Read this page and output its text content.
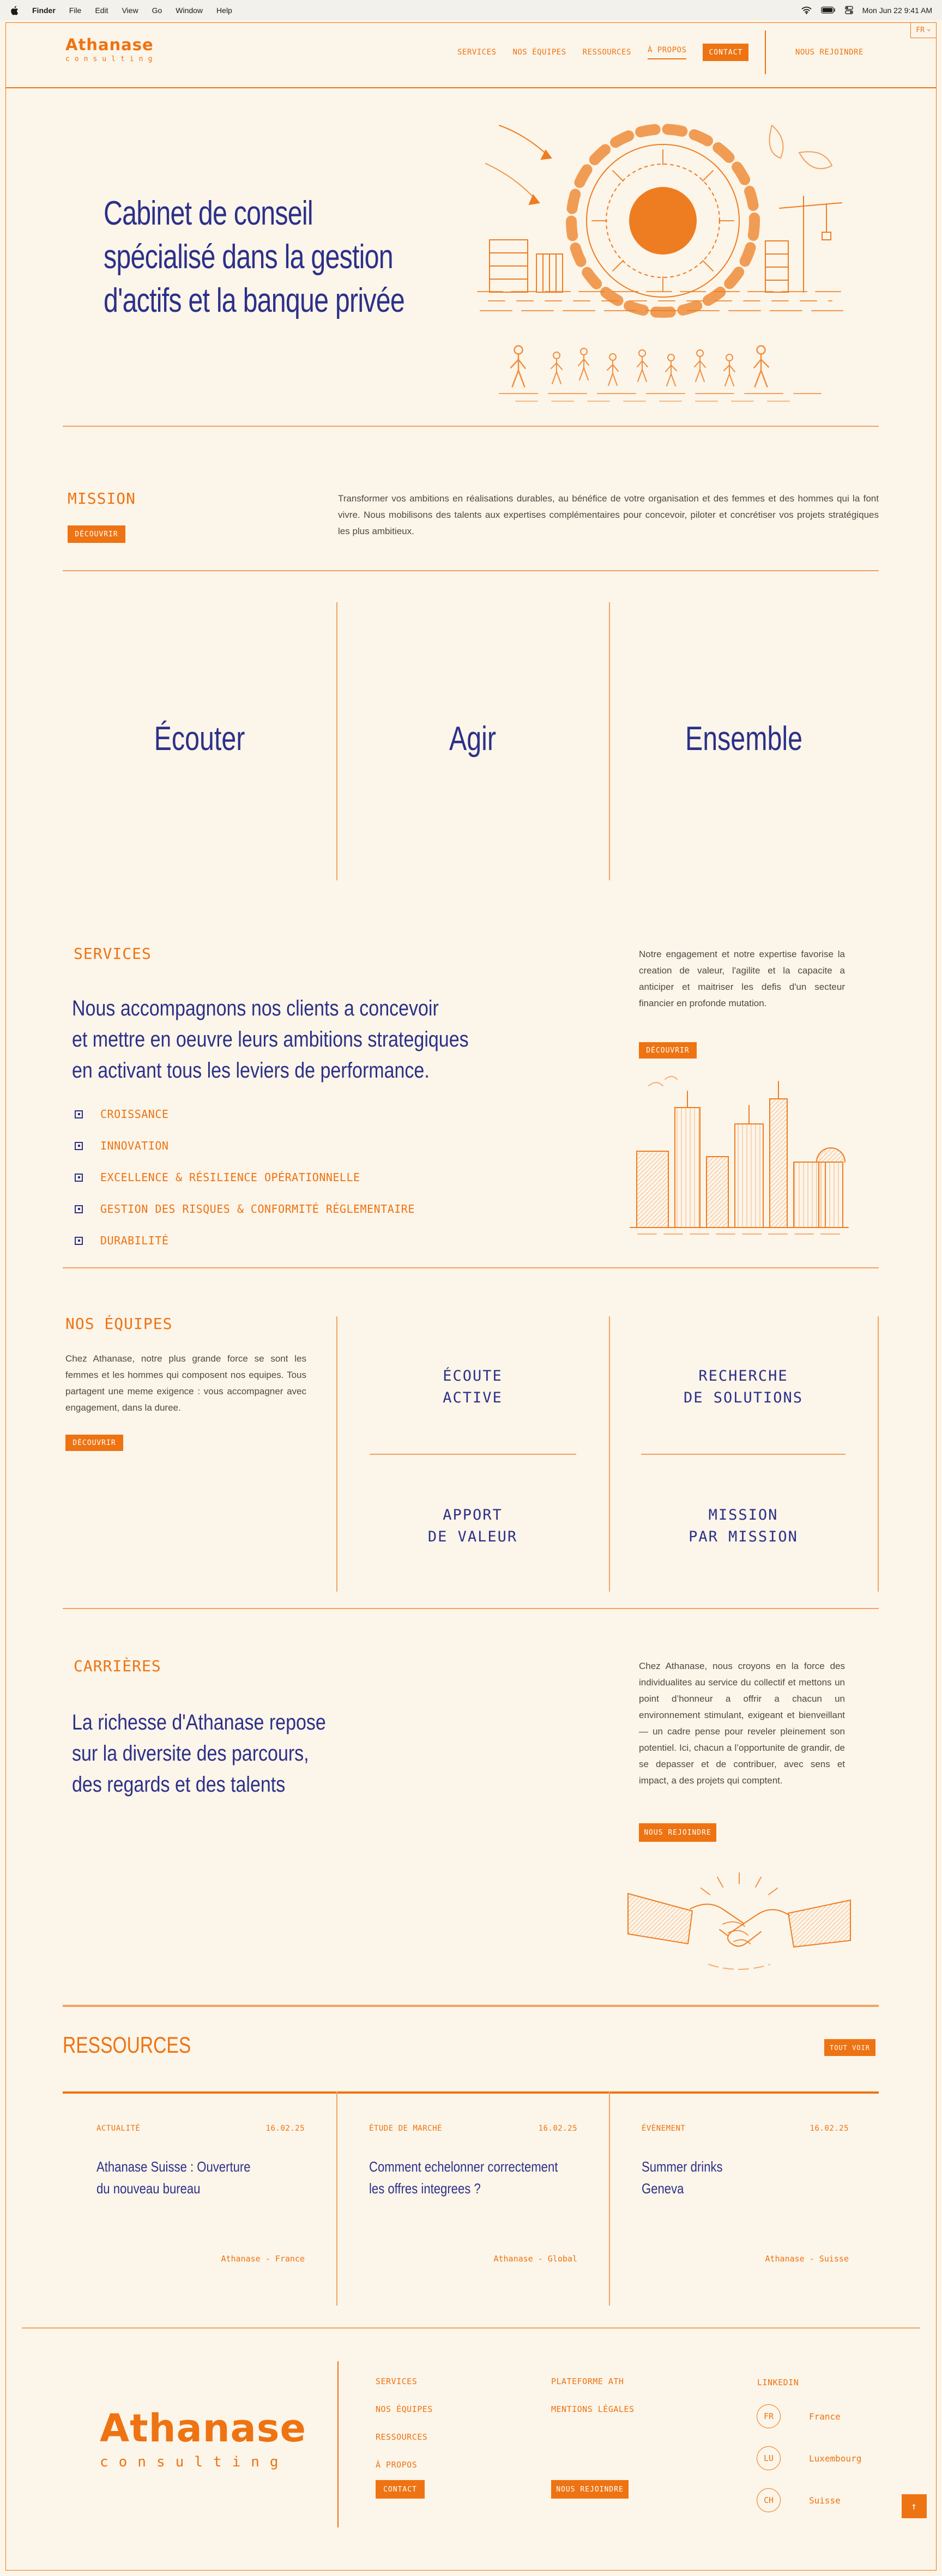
Finder File Edit View Go Window Help	Mon Jun 22 9:41 AM
FR ⌄
Athanase
consulting
SERVICES NOS ÉQUIPES RESSOURCES À PROPOS	CONTACT	NOUS REJOINDRE
Cabinet de conseil
spécialisé dans la gestion
d'actifs et la banque privée
MISSION
DÉCOUVRIR

Transformer vos ambitions en réalisations durables, au bénéfice de votre organisation et des femmes et des hommes qui la font vivre. Nous mobilisons des talents aux expertises complémentaires pour concevoir, piloter et concrétiser vos projets stratégiques les plus ambitieux.

Écouter	Agir	Ensemble
SERVICES
Nous accompagnons nos clients a concevoir
et mettre en oeuvre leurs ambitions strategiques
en activant tous les leviers de performance.
CROISSANCE
INNOVATION
EXCELLENCE & RÉSILIENCE OPÉRATIONNELLE
GESTION DES RISQUES & CONFORMITÉ RÉGLEMENTAIRE
DURABILITÉ

Notre engagement et notre expertise favorise la creation de valeur, l'agilite et la capacite a anticiper et maitriser les defis d'un secteur financier en profonde mutation.

DÉCOUVRIR
NOS ÉQUIPES

Chez Athanase, notre plus grande force se sont les femmes et les hommes qui composent nos equipes. Tous partagent une meme exigence : vous accompagner avec engagement, dans la duree.

DÉCOUVRIR
ÉCOUTE
ACTIVE
RECHERCHE
DE SOLUTIONS
APPORT
DE VALEUR
MISSION
PAR MISSION
CARRIÈRES
La richesse d'Athanase repose
sur la diversite des parcours,
des regards et des talents

Chez Athanase, nous croyons en la force des individualites au service du collectif et mettons un point d’honneur a offrir a chacun un environnement stimulant, exigeant et bienveillant — un cadre pense pour reveler pleinement son potentiel. Ici, chacun a l’opportunite de grandir, de se depasser et de contribuer, avec sens et impact, a des projets qui comptent.

NOUS REJOINDRE
RESSOURCES	TOUT VOIR
ACTUALITÉ	16.02.25
Athanase Suisse : Ouverture
du nouveau bureau
Athanase - France
ÉTUDE DE MARCHÉ	16.02.25
Comment echelonner correctement
les offres integrees ?
Athanase - Global
ÉVÈNEMENT	16.02.25
Summer drinks
Geneva
Athanase - Suisse
Athanase
consulting
SERVICES
NOS ÉQUIPES
RESSOURCES
À PROPOS
CONTACT
PLATEFORME ATH
MENTIONS LÉGALES
NOUS REJOINDRE
LINKEDIN
FR	France
LU	Luxembourg
CH	Suisse
↑
